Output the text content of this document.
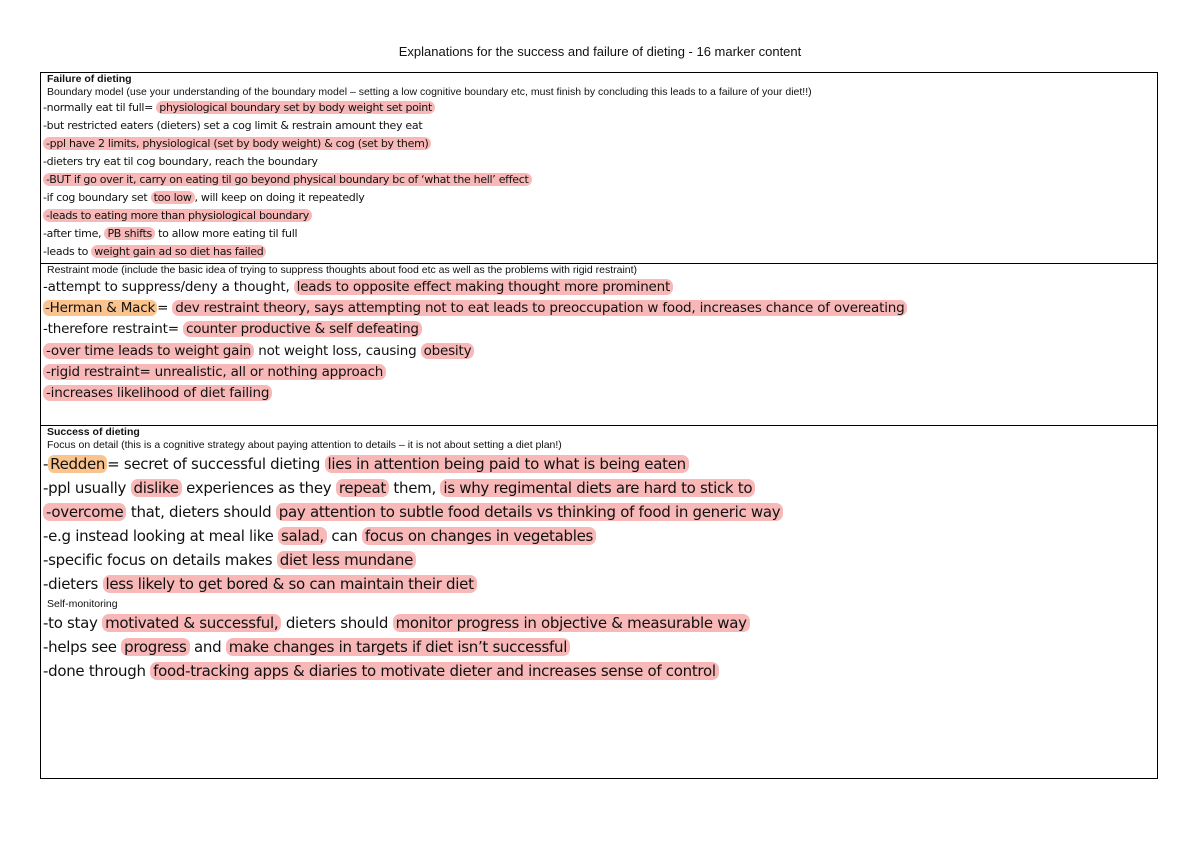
Explanations for the success and failure of dieting - 16 marker content
Failure of dieting
Boundary model (use your understanding of the boundary model – setting a low cognitive boundary etc, must finish by concluding this leads to a failure of your diet!!)
-normally eat til full= physiological boundary set by body weight set point
-but restricted eaters (dieters) set a cog limit & restrain amount they eat
-ppl have 2 limits, physiological (set by body weight) & cog (set by them)
-dieters try eat til cog boundary, reach the boundary
-BUT if go over it, carry on eating til go beyond physical boundary bc of ‘what the hell’ effect
-if cog boundary set too low , will keep on doing it repeatedly
-leads to eating more than physiological boundary
-after time, PB shifts to allow more eating til full
-leads to weight gain ad so diet has failed
Restraint mode (include the basic idea of trying to suppress thoughts about food etc as well as the problems with rigid restraint)
-attempt to suppress/deny a thought, leads to opposite effect making thought more prominent
-Herman & Mack = dev restraint theory, says attempting not to eat leads to preoccupation w food, increases chance of overeating
-therefore restraint= counter productive & self defeating
-over time leads to weight gain not weight loss, causing obesity
-rigid restraint= unrealistic, all or nothing approach
-increases likelihood of diet failing
Success of dieting
Focus on detail (this is a cognitive strategy about paying attention to details – it is not about setting a diet plan!)
- Redden = secret of successful dieting lies in attention being paid to what is being eaten
-ppl usually dislike experiences as they repeat them, is why regimental diets are hard to stick to
-overcome that, dieters should pay attention to subtle food details vs thinking of food in generic way
-e.g instead looking at meal like salad, can focus on changes in vegetables
-specific focus on details makes diet less mundane
-dieters less likely to get bored & so can maintain their diet
Self-monitoring
-to stay motivated & successful, dieters should monitor progress in objective & measurable way
-helps see progress and make changes in targets if diet isn’t successful
-done through food-tracking apps & diaries to motivate dieter and increases sense of control
